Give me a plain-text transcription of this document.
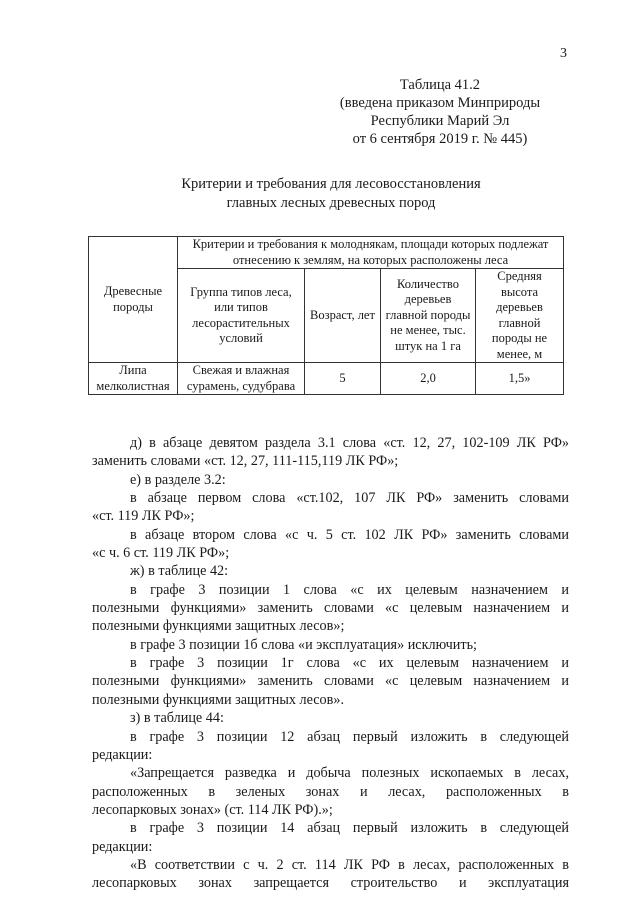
3
Таблица 41.2
(введена приказом Минприроды
Республики Марий Эл
от 6 сентября 2019 г. № 445)
Критерии и требования для лесовосстановления
главных лесных древесных пород
Древесные породы	Критерии и требования к молоднякам, площади которых подлежат отнесению к землям, на которых расположены леса			
	Группа типов леса, или типов лесорастительных условий	Возраст, лет	Количество деревьев главной породы не менее, тыс. штук на 1 га	Средняя высота деревьев главной породы не менее, м
Липа мелколистная	Свежая и влажная сурамень, судубрава	5	2,0	1,5»

д) в абзаце девятом раздела 3.1 слова «ст. 12, 27, 102-109 ЛК РФ»

заменить словами «ст. 12, 27, 111-115,119 ЛК РФ»;

е) в разделе 3.2:

в абзаце первом слова «ст.102, 107 ЛК РФ» заменить словами

«ст. 119 ЛК РФ»;

в абзаце втором слова «с ч. 5 ст. 102 ЛК РФ» заменить словами

«с ч. 6 ст. 119 ЛК РФ»;

ж) в таблице 42:

в графе 3 позиции 1 слова «с их целевым назначением и

полезными функциями» заменить словами «с целевым назначением и

полезными функциями защитных лесов»;

в графе 3 позиции 1б слова «и эксплуатация» исключить;

в графе 3 позиции 1г слова «с их целевым назначением и

полезными функциями» заменить словами «с целевым назначением и

полезными функциями защитных лесов».

з) в таблице 44:

в графе 3 позиции 12 абзац первый изложить в следующей

редакции:

«Запрещается разведка и добыча полезных ископаемых в лесах,

расположенных в зеленых зонах и лесах, расположенных в

лесопарковых зонах» (ст. 114 ЛК РФ).»;

в графе 3 позиции 14 абзац первый изложить в следующей

редакции:

«В соответствии с ч. 2 ст. 114 ЛК РФ в лесах, расположенных в

лесопарковых зонах запрещается строительство и эксплуатация
